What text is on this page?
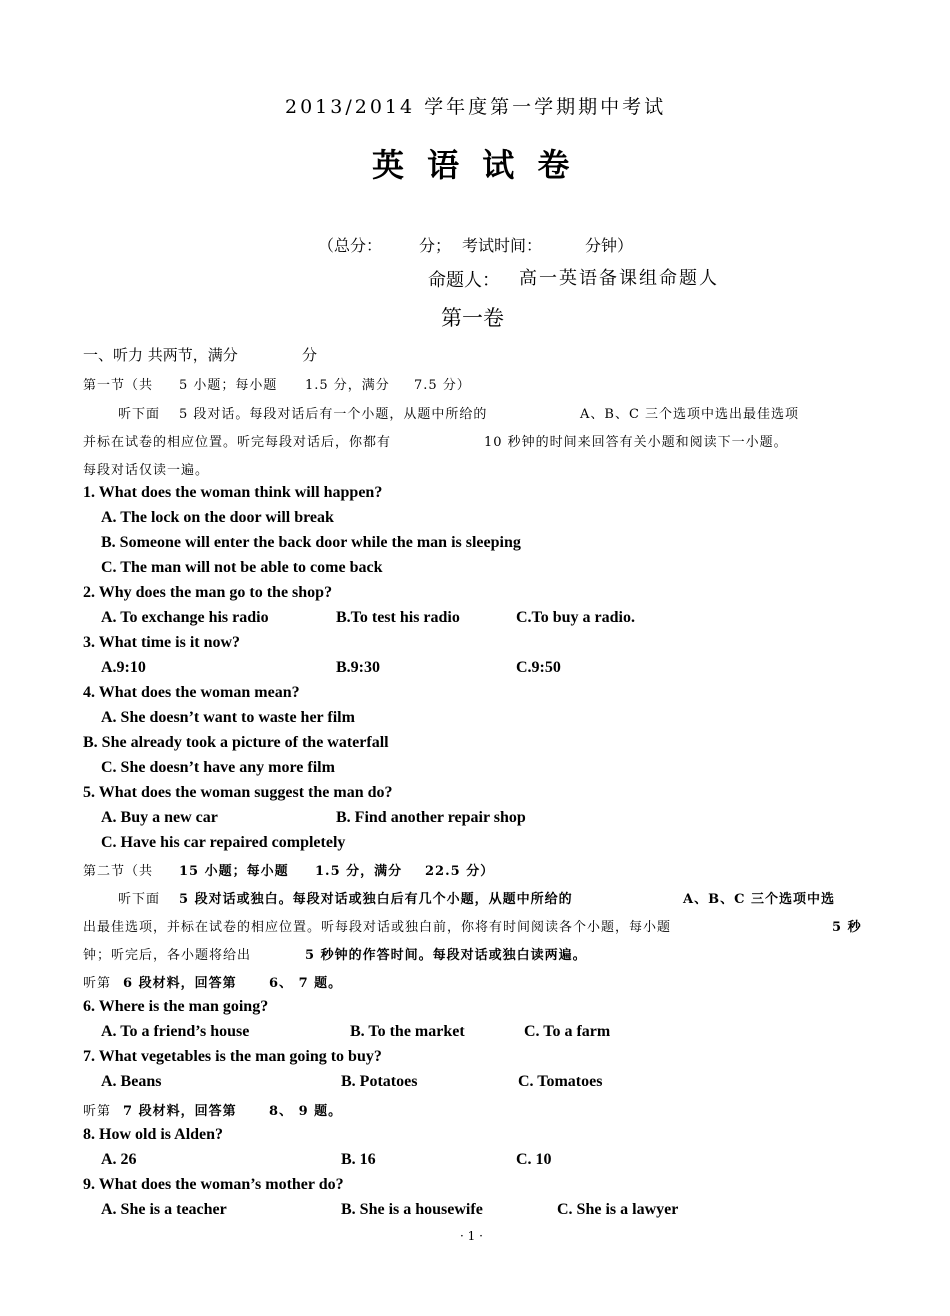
2013/2014 学年度第一学期期中考试
英 语 试 卷
（总分： 分； 考试时间：	分钟）
命题人： 高一英语备课组命题人
第一卷
一、听力 共两节，满分	分
第一节（共 5 小题；每小题 1.5 分，满分 7.5 分）
听下面 5 段对话。每段对话后有一个小题，从题中所给的	A、B、C 三个选项中选出最佳选项
并标在试卷的相应位置。听完每段对话后，你都有	10 秒钟的时间来回答有关小题和阅读下一小题。
每段对话仅读一遍。
1. What does the woman think will happen?
A. The lock on the door will break
B. Someone will enter the back door while the man is sleeping
C. The man will not be able to come back
2. Why does the man go to the shop?
A. To exchange his radio	B.To test his radio	C.To buy a radio.
3. What time is it now?
A.9:10	B.9:30	C.9:50
4. What does the woman mean?
A. She doesn’t want to waste her film
B. She already took a picture of the waterfall
C. She doesn’t have any more film
5. What does the woman suggest the man do?
A. Buy a new car	B. Find another repair shop
C. Have his car repaired completely
第二节（共 15 小题；每小题 1.5 分，满分 22.5 分）
听下面 5 段对话或独白。每段对话或独白后有几个小题，从题中所给的	A、B、C 三个选项中选
出最佳选项，并标在试卷的相应位置。听每段对话或独白前，你将有时间阅读各个小题，每小题	5 秒
钟；听完后，各小题将给出	5 秒钟的作答时间。每段对话或独白读两遍。
听第 6 段材料，回答第 6、 7 题。
6. Where is the man going?
A. To a friend’s house	B. To the market	C. To a farm
7. What vegetables is the man going to buy?
A. Beans	B. Potatoes	C. Tomatoes
听第 7 段材料，回答第 8、 9 题。
8. How old is Alden?
A. 26	B. 16	C. 10
9. What does the woman’s mother do?
A. She is a teacher	B. She is a housewife	C. She is a lawyer
· 1 ·
